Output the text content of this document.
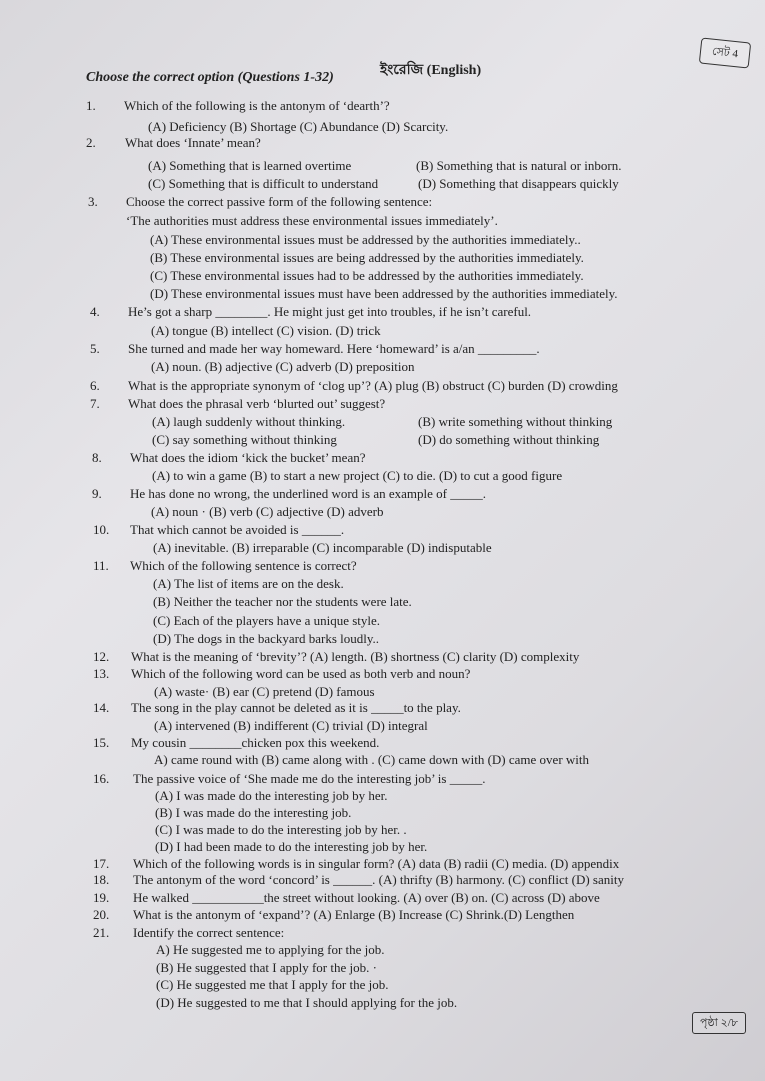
সেট 4
ইংরেজি (English)
Choose the correct option (Questions 1-32)
1. Which of the following is the antonym of ‘dearth’?
(A) Deficiency (B) Shortage (C) Abundance (D) Scarcity.
2. What does ‘Innate’ mean?
(A) Something that is learned overtime	(B) Something that is natural or inborn.
(C) Something that is difficult to understand	(D) Something that disappears quickly
3. Choose the correct passive form of the following sentence:
‘The authorities must address these environmental issues immediately’.
(A) These environmental issues must be addressed by the authorities immediately..
(B) These environmental issues are being addressed by the authorities immediately.
(C) These environmental issues had to be addressed by the authorities immediately.
(D) These environmental issues must have been addressed by the authorities immediately.
4. He’s got a sharp ________. He might just get into troubles, if he isn’t careful.
(A) tongue (B) intellect (C) vision. (D) trick
5. She turned and made her way homeward. Here ‘homeward’ is a/an _________.
(A) noun. (B) adjective (C) adverb (D) preposition
6. What is the appropriate synonym of ‘clog up’? (A) plug (B) obstruct (C) burden (D) crowding
7. What does the phrasal verb ‘blurted out’ suggest?
(A) laugh suddenly without thinking.	(B) write something without thinking
(C) say something without thinking	(D) do something without thinking
8. What does the idiom ‘kick the bucket’ mean?
(A) to win a game (B) to start a new project (C) to die. (D) to cut a good figure
9. He has done no wrong, the underlined word is an example of _____.
(A) noun · (B) verb (C) adjective (D) adverb
10. That which cannot be avoided is ______.
(A) inevitable. (B) irreparable (C) incomparable (D) indisputable
11. Which of the following sentence is correct?
(A) The list of items are on the desk.
(B) Neither the teacher nor the students were late.
(C) Each of the players have a unique style.
(D) The dogs in the backyard barks loudly..
12. What is the meaning of ‘brevity’? (A) length. (B) shortness (C) clarity (D) complexity
13. Which of the following word can be used as both verb and noun?
(A) waste· (B) ear (C) pretend (D) famous
14. The song in the play cannot be deleted as it is _____to the play.
(A) intervened (B) indifferent (C) trivial (D) integral
15. My cousin ________chicken pox this weekend.
A) came round with (B) came along with . (C) came down with (D) came over with
16. The passive voice of ‘She made me do the interesting job’ is _____.
(A) I was made do the interesting job by her.
(B) I was made do the interesting job.
(C) I was made to do the interesting job by her. .
(D) I had been made to do the interesting job by her.
17. Which of the following words is in singular form? (A) data (B) radii (C) media. (D) appendix
18. The antonym of the word ‘concord’ is ______. (A) thrifty (B) harmony. (C) conflict (D) sanity
19. He walked ___________the street without looking. (A) over (B) on. (C) across (D) above
20. What is the antonym of ‘expand’? (A) Enlarge (B) Increase (C) Shrink.(D) Lengthen
21. Identify the correct sentence:
A) He suggested me to applying for the job.
(B) He suggested that I apply for the job. ·
(C) He suggested me that I apply for the job.
(D) He suggested to me that I should applying for the job.
পৃষ্ঠা ২/৮
